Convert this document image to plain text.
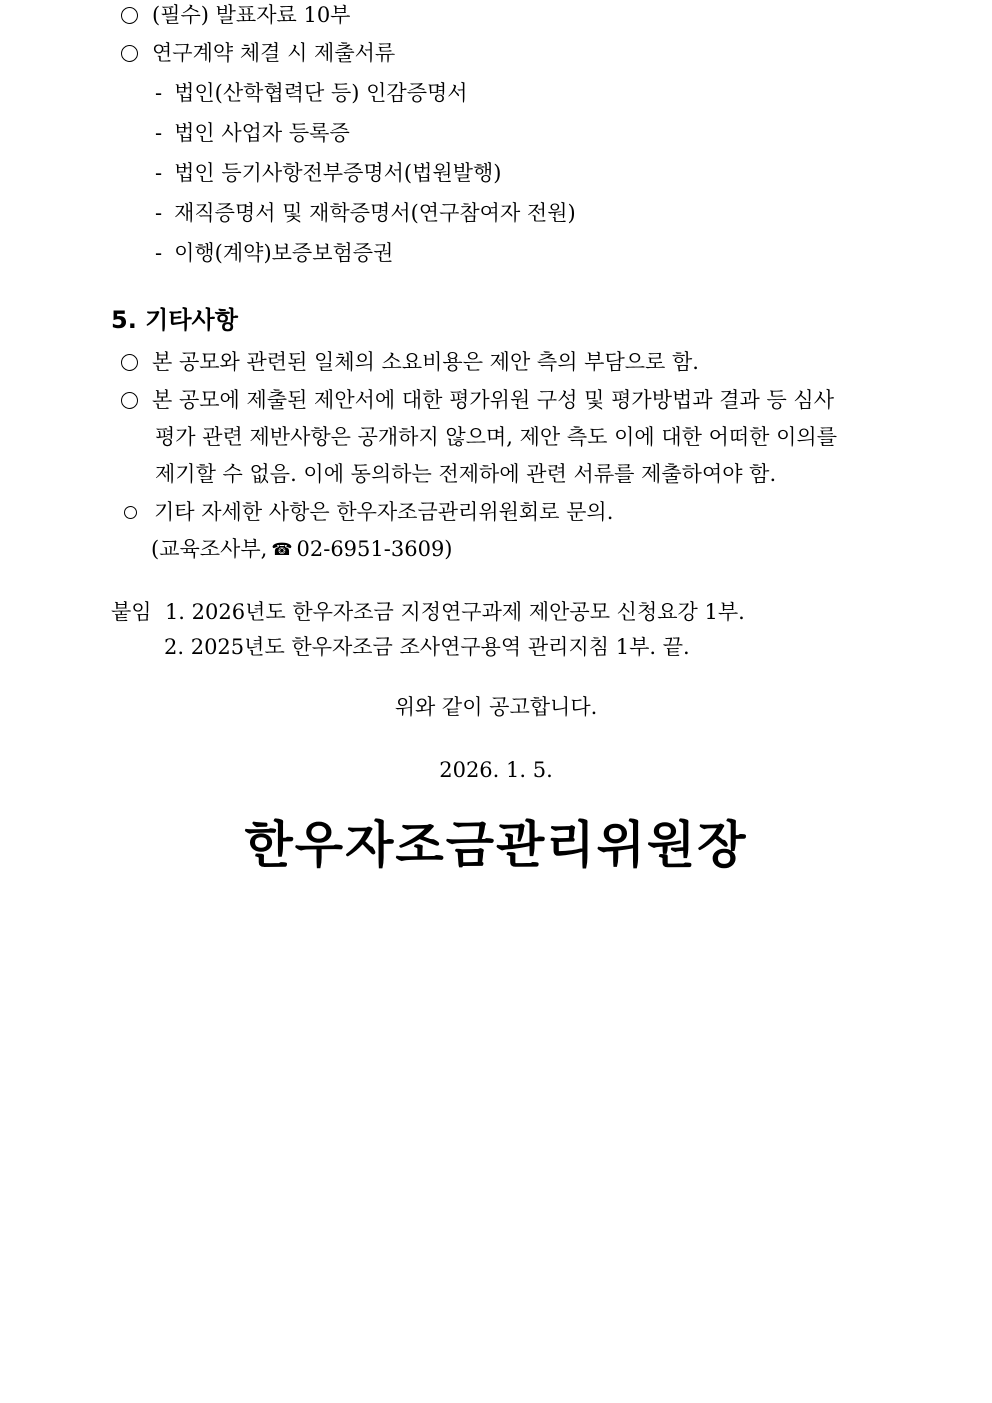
(필수) 발표자료 10부
연구계약 체결 시 제출서류
- 법인(산학협력단 등) 인감증명서
- 법인 사업자 등록증
- 법인 등기사항전부증명서(법원발행)
- 재직증명서 및 재학증명서(연구참여자 전원)
- 이행(계약)보증보험증권
5. 기타사항
본 공모와 관련된 일체의 소요비용은 제안 측의 부담으로 함.
본 공모에 제출된 제안서에 대한 평가위원 구성 및 평가방법과 결과 등 심사
평가 관련 제반사항은 공개하지 않으며, 제안 측도 이에 대한 어떠한 이의를
제기할 수 없음. 이에 동의하는 전제하에 관련 서류를 제출하여야 함.
기타 자세한 사항은 한우자조금관리위원회로 문의.
(교육조사부, ☎ 02-6951-3609)
붙임 1. 2026년도 한우자조금 지정연구과제 제안공모 신청요강 1부.
2. 2025년도 한우자조금 조사연구용역 관리지침 1부. 끝.
위와 같이 공고합니다.
2026. 1. 5.
한우자조금관리위원장
